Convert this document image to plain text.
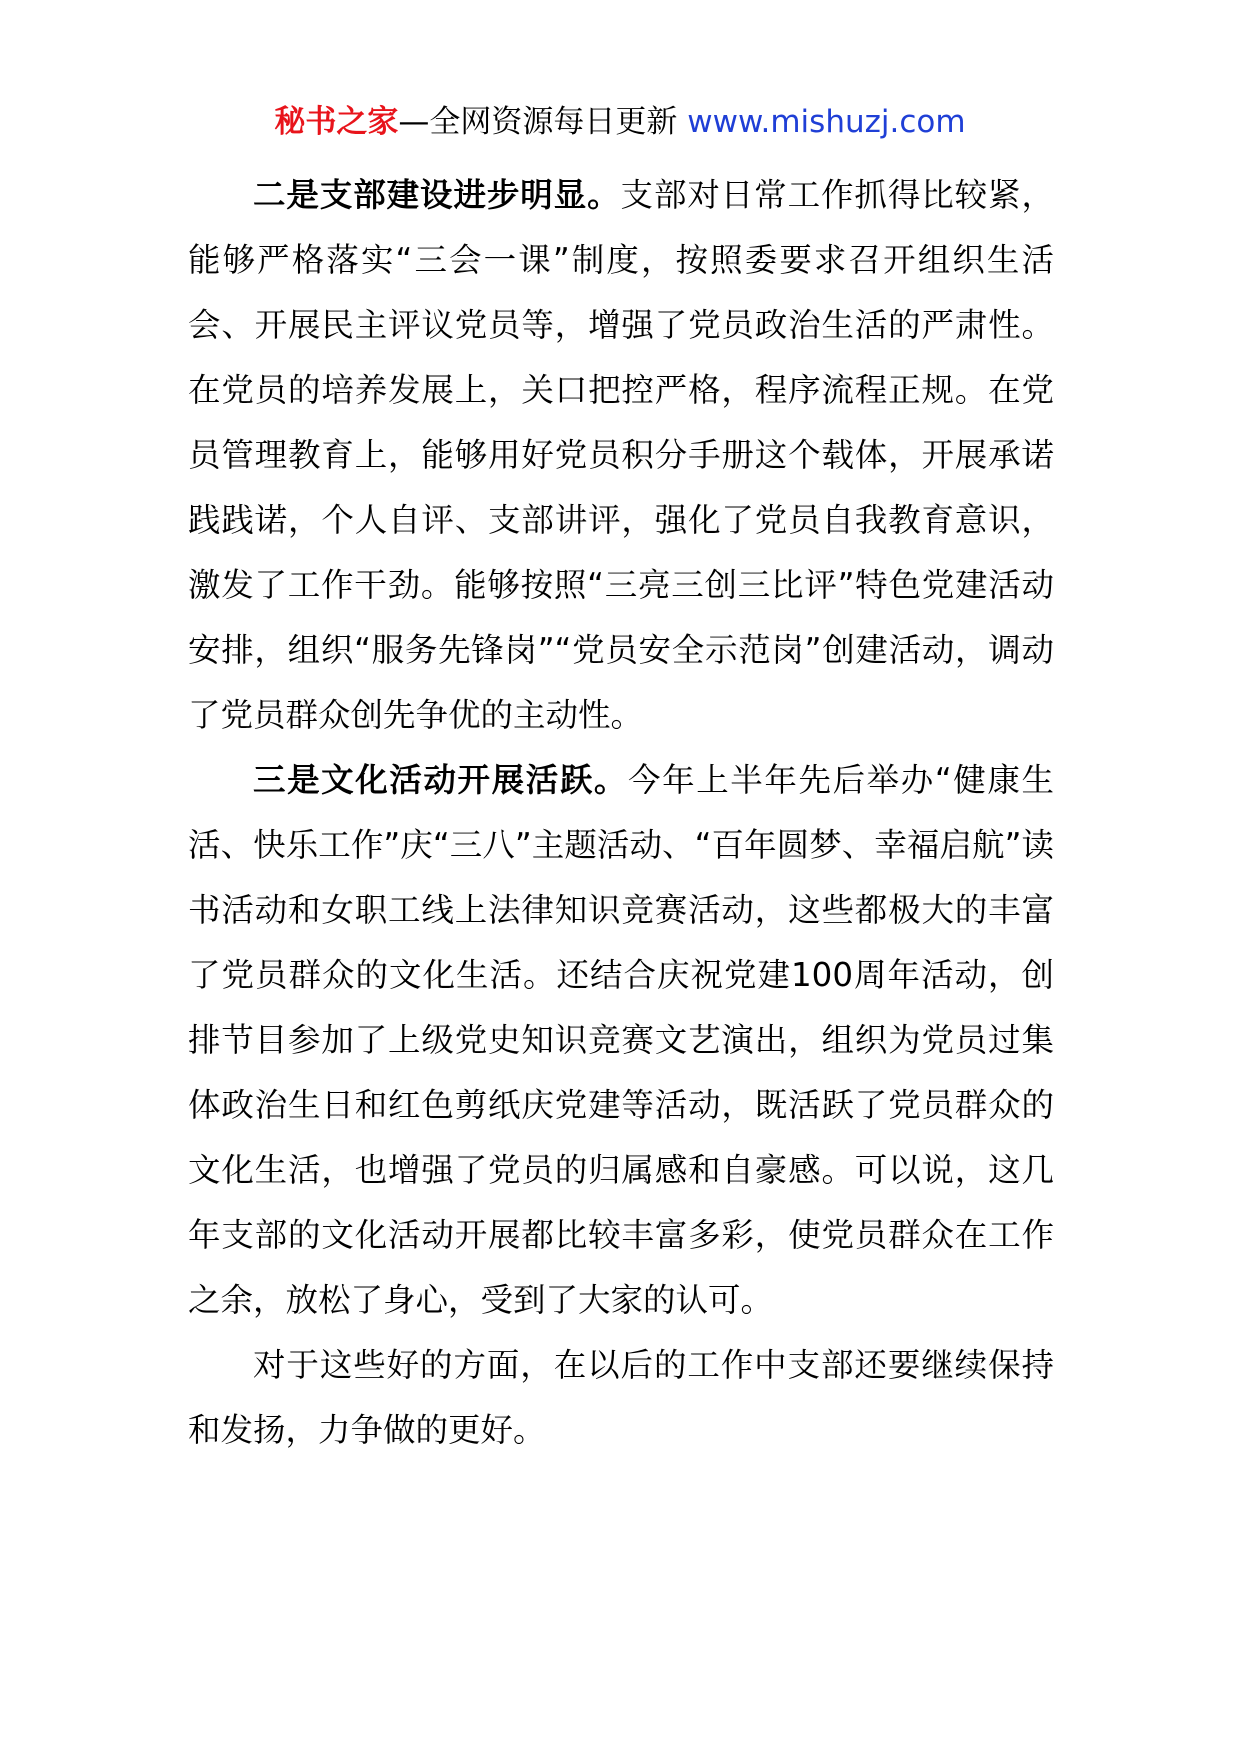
秘书之家—全网资源每日更新 www.mishuzj.com

二是支部建设进步明显。支部对日常工作抓得比较紧，能够严格落实“三会一课”制度，按照委要求召开组织生活会、开展民主评议党员等，增强了党员政治生活的严肃性。在党员的培养发展上，关口把控严格，程序流程正规。在党员管理教育上，能够用好党员积分手册这个载体，开展承诺践践诺，个人自评、支部讲评，强化了党员自我教育意识，激发了工作干劲。能够按照“三亮三创三比评”特色党建活动安排，组织“服务先锋岗”“党员安全示范岗”创建活动，调动了党员群众创先争优的主动性。

三是文化活动开展活跃。今年上半年先后举办“健康生活、快乐工作”庆“三八”主题活动、“百年圆梦、幸福启航”读书活动和女职工线上法律知识竞赛活动，这些都极大的丰富了党员群众的文化生活。还结合庆祝党建100周年活动，创排节目参加了上级党史知识竞赛文艺演出，组织为党员过集体政治生日和红色剪纸庆党建等活动，既活跃了党员群众的文化生活，也增强了党员的归属感和自豪感。可以说，这几年支部的文化活动开展都比较丰富多彩，使党员群众在工作之余，放松了身心，受到了大家的认可。

对于这些好的方面，在以后的工作中支部还要继续保持和发扬，力争做的更好。
